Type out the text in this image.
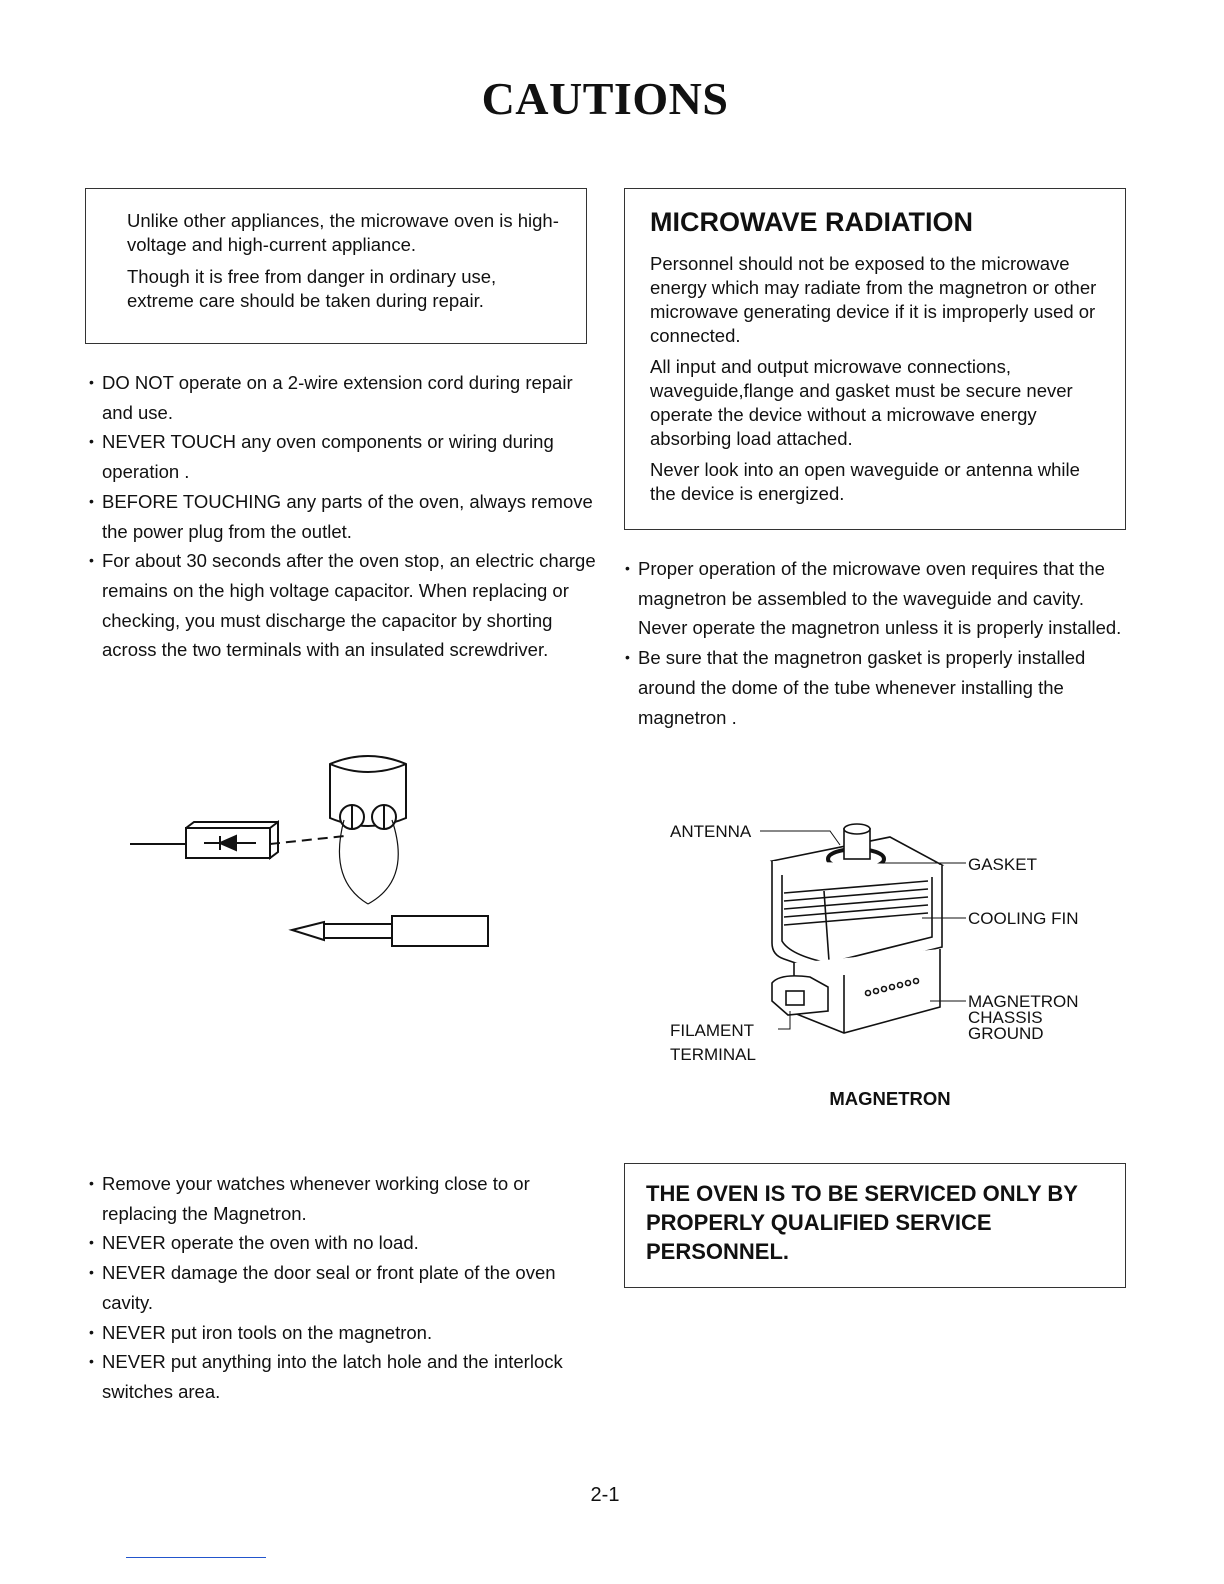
CAUTIONS

Unlike other appliances, the microwave oven is high-voltage and high-current appliance.

Though it is free from danger in ordinary use, extreme care should be taken during repair.

MICROWAVE RADIATION

Personnel should not be exposed to the microwave energy which may radiate from the magnetron or other microwave generating device if it is improperly used or connected.

All input and output microwave connections, waveguide,flange and gasket must be secure never operate the device without a microwave energy absorbing load attached.

Never look into an open waveguide or antenna while the device is energized.

• DO NOT operate on a 2-wire extension cord during repair and use.
• NEVER TOUCH any oven components or wiring during operation .
• BEFORE TOUCHING any parts of the oven, always remove the power plug from the outlet.
• For about 30 seconds after the oven stop, an electric charge remains on the high voltage capacitor. When replacing or checking, you must discharge the capacitor by shorting across the two terminals with an insulated screwdriver.
• Proper operation of the microwave oven requires that the magnetron be assembled to the waveguide and cavity. Never operate the magnetron unless it is properly installed.
• Be sure that the magnetron gasket is properly installed around the dome of the tube whenever installing the magnetron .
ANTENNA
GASKET
COOLING FIN
MAGNETRON
CHASSIS
GROUND
FILAMENT
TERMINAL
MAGNETRON
• Remove your watches whenever working close to or replacing the Magnetron.
• NEVER operate the oven with no load.
• NEVER damage the door seal or front plate of the oven cavity.
• NEVER put iron tools on the magnetron.
• NEVER put anything into the latch hole and the interlock switches area.
THE OVEN IS TO BE SERVICED ONLY BY PROPERLY QUALIFIED SERVICE PERSONNEL.
2-1
